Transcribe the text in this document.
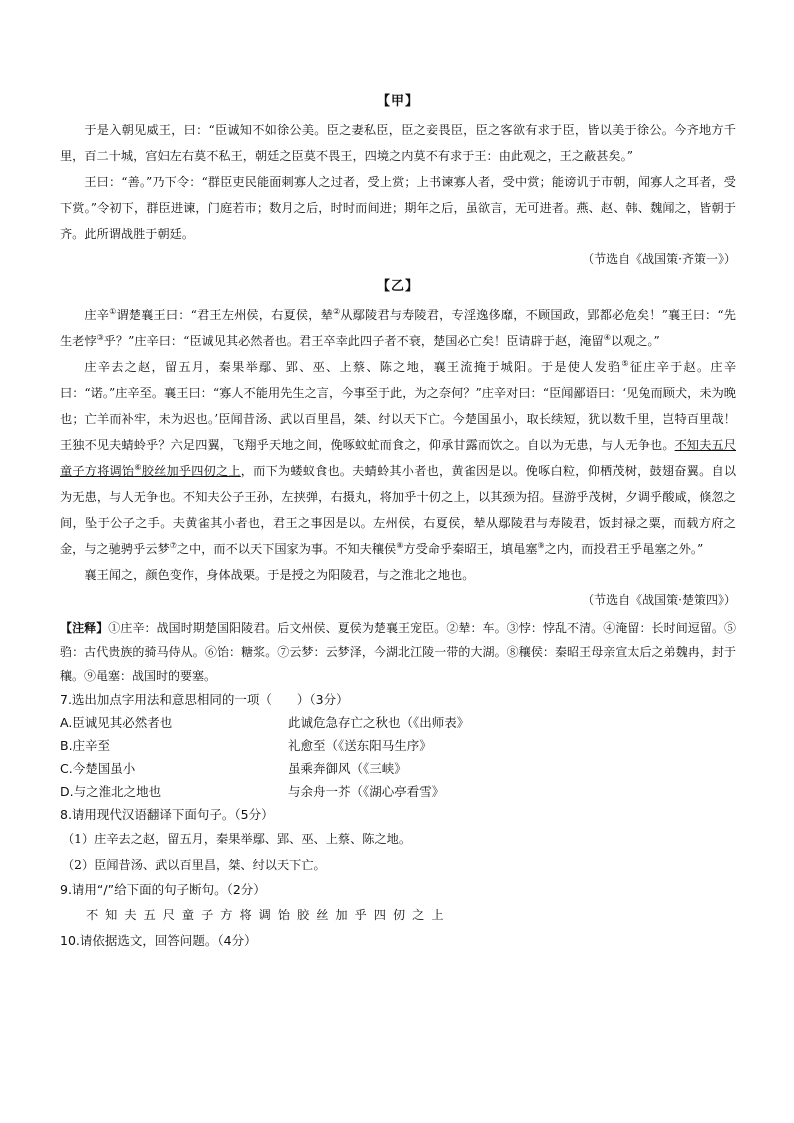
【甲】

于是入朝见威王，曰：“臣诚知不如徐公美。臣之妻私臣，臣之妾畏臣，臣之客欲有求于臣，皆以美于徐公。今齐地方千里，百二十城，宫妇左右莫不私王，朝廷之臣莫不畏王，四境之内莫不有求于王：由此观之，王之蔽甚矣。”

王曰：“善。”乃下令：“群臣吏民能面刺寡人之过者，受上赏；上书谏寡人者，受中赏；能谤讥于市朝，闻寡人之耳者，受下赏。”令初下，群臣进谏，门庭若市；数月之后，时时而间进；期年之后，虽欲言，无可进者。燕、赵、韩、魏闻之，皆朝于齐。此所谓战胜于朝廷。

（节选自《战国策·齐策一》）

【乙】

庄辛①谓楚襄王曰：“君王左州侯，右夏侯，辇②从鄢陵君与寿陵君，专淫逸侈靡，不顾国政，郢都必危矣！”襄王曰：“先生老悖③乎？”庄辛曰：“臣诚见其必然者也。君王卒幸此四子者不衰，楚国必亡矣！臣请辟于赵，淹留④以观之。”

庄辛去之赵，留五月，秦果举鄢、郢、巫、上蔡、陈之地，襄王流掩于城阳。于是使人发驺⑤征庄辛于赵。庄辛曰：“诺。”庄辛至。襄王曰：“寡人不能用先生之言，今事至于此，为之奈何？”庄辛对曰：“臣闻鄙语曰：‘见兔而顾犬，未为晚也；亡羊而补牢，未为迟也。’臣闻昔汤、武以百里昌，桀、纣以天下亡。今楚国虽小，取长续短，犹以数千里，岂特百里哉！王独不见夫蜻蛉乎？六足四翼，飞翔乎天地之间，俛啄蚊虻而食之，仰承甘露而饮之。自以为无患，与人无争也。不知夫五尺童子方将调饴⑥胶丝加乎四仞之上，而下为蝼蚁食也。夫蜻蛉其小者也，黄雀因是以。俛啄白粒，仰栖茂树，鼓翅奋翼。自以为无患，与人无争也。不知夫公子王孙，左挟弹，右摄丸，将加乎十仞之上，以其颈为招。昼游乎茂树，夕调乎酸咸，倏忽之间，坠于公子之手。夫黄雀其小者也，君王之事因是以。左州侯，右夏侯，辇从鄢陵君与寿陵君，饭封禄之粟，而载方府之金，与之驰骋乎云梦⑦之中，而不以天下国家为事。不知夫穰侯⑧方受命乎秦昭王，填黾塞⑨之内，而投君王乎黾塞之外。”

襄王闻之，颜色变作，身体战栗。于是授之为阳陵君，与之淮北之地也。

（节选自《战国策·楚策四》）

【注释】①庄辛：战国时期楚国阳陵君。后文州侯、夏侯为楚襄王宠臣。②辇：车。③悖：悖乱不清。④淹留：长时间逗留。⑤驺：古代贵族的骑马侍从。⑥饴：糖浆。⑦云梦：云梦泽，今湖北江陵一带的大湖。⑧穰侯：秦昭王母亲宣太后之弟魏冉，封于穰。⑨黾塞：战国时的要塞。

7.选出加点字用法和意思相同的一项（　　）（3分）

A.臣诚见其必然者也	此诚危急存亡之秋也（《出师表》
B.庄辛至	礼愈至（《送东阳马生序》
C.今楚国虽小	虽乘奔御风（《三峡》
D.与之淮北之地也	与余舟一芥（《湖心亭看雪》

8.请用现代汉语翻译下面句子。（5分）

（1）庄辛去之赵，留五月，秦果举鄢、郢、巫、上蔡、陈之地。

（2）臣闻昔汤、武以百里昌，桀、纣以天下亡。

9.请用“/”给下面的句子断句。（2分）

不知夫五尺童子方将调饴胶丝加乎四仞之上

10.请依据选文，回答问题。（4分）
